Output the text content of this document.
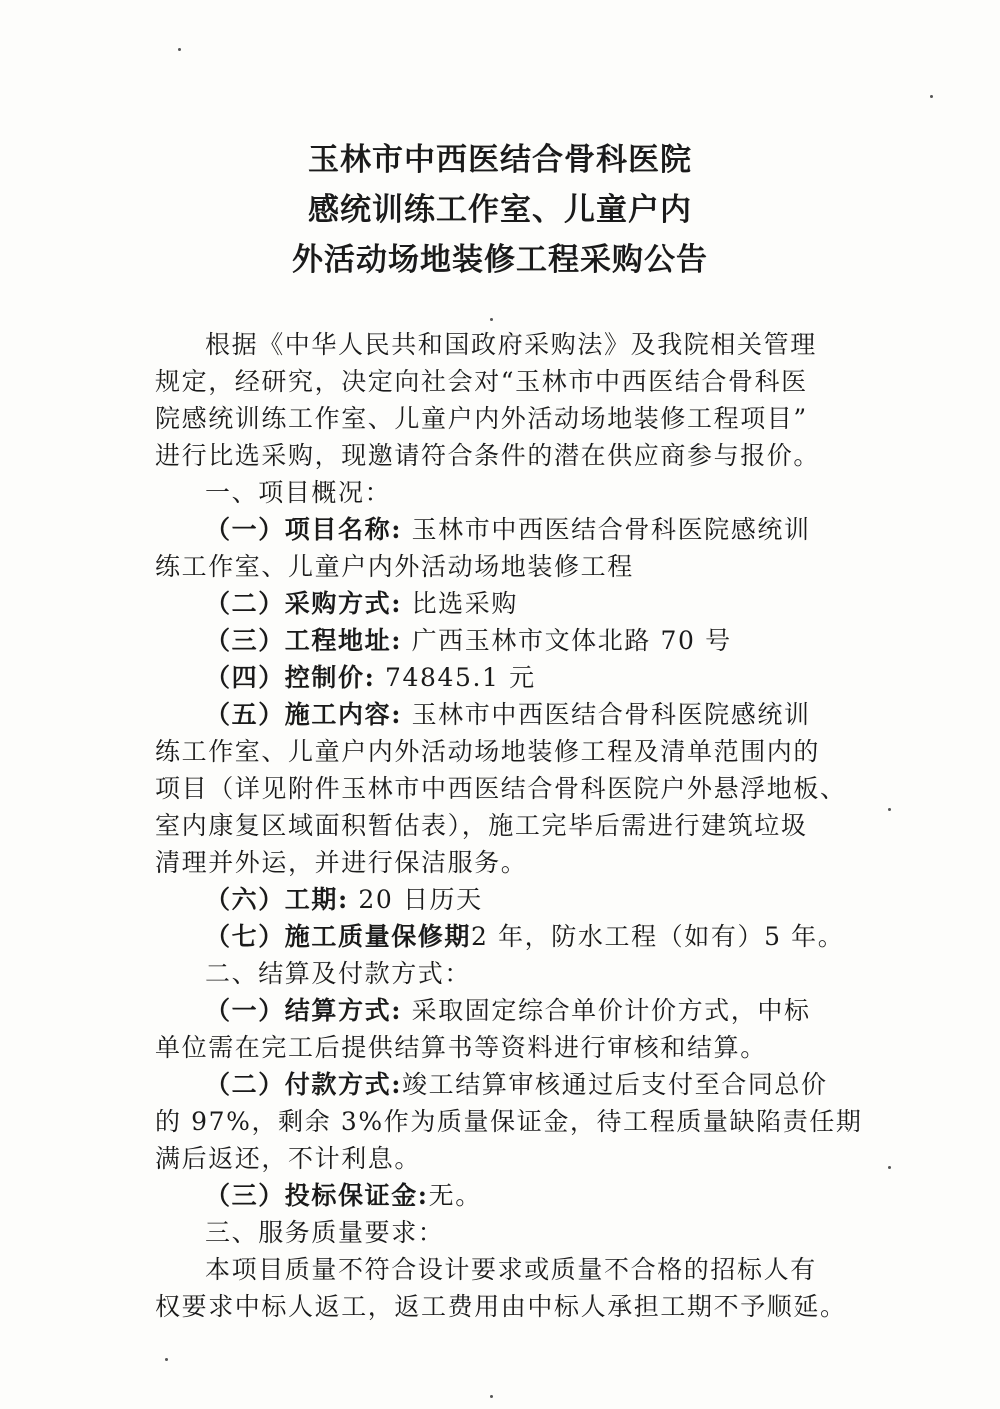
玉林市中西医结合骨科医院
感统训练工作室、儿童户内
外活动场地装修工程采购公告
根据《中华人民共和国政府采购法》及我院相关管理
规定，经研究，决定向社会对“玉林市中西医结合骨科医
院感统训练工作室、儿童户内外活动场地装修工程项目”
进行比选采购，现邀请符合条件的潜在供应商参与报价。
一、项目概况：
（一）项目名称: 玉林市中西医结合骨科医院感统训
练工作室、儿童户内外活动场地装修工程
（二）采购方式: 比选采购
（三）工程地址: 广西玉林市文体北路 70 号
（四）控制价: 74845.1 元
（五）施工内容: 玉林市中西医结合骨科医院感统训
练工作室、儿童户内外活动场地装修工程及清单范围内的
项目（详见附件玉林市中西医结合骨科医院户外悬浮地板、
室内康复区域面积暂估表），施工完毕后需进行建筑垃圾
清理并外运，并进行保洁服务。
（六）工期: 20 日历天
（七）施工质量保修期2 年，防水工程（如有）5 年。
二、结算及付款方式：
（一）结算方式: 采取固定综合单价计价方式，中标
单位需在完工后提供结算书等资料进行审核和结算。
（二）付款方式:竣工结算审核通过后支付至合同总价
的 97%，剩余 3%作为质量保证金，待工程质量缺陷责任期
满后返还，不计利息。
（三）投标保证金:无。
三、服务质量要求：
本项目质量不符合设计要求或质量不合格的招标人有
权要求中标人返工，返工费用由中标人承担工期不予顺延。
